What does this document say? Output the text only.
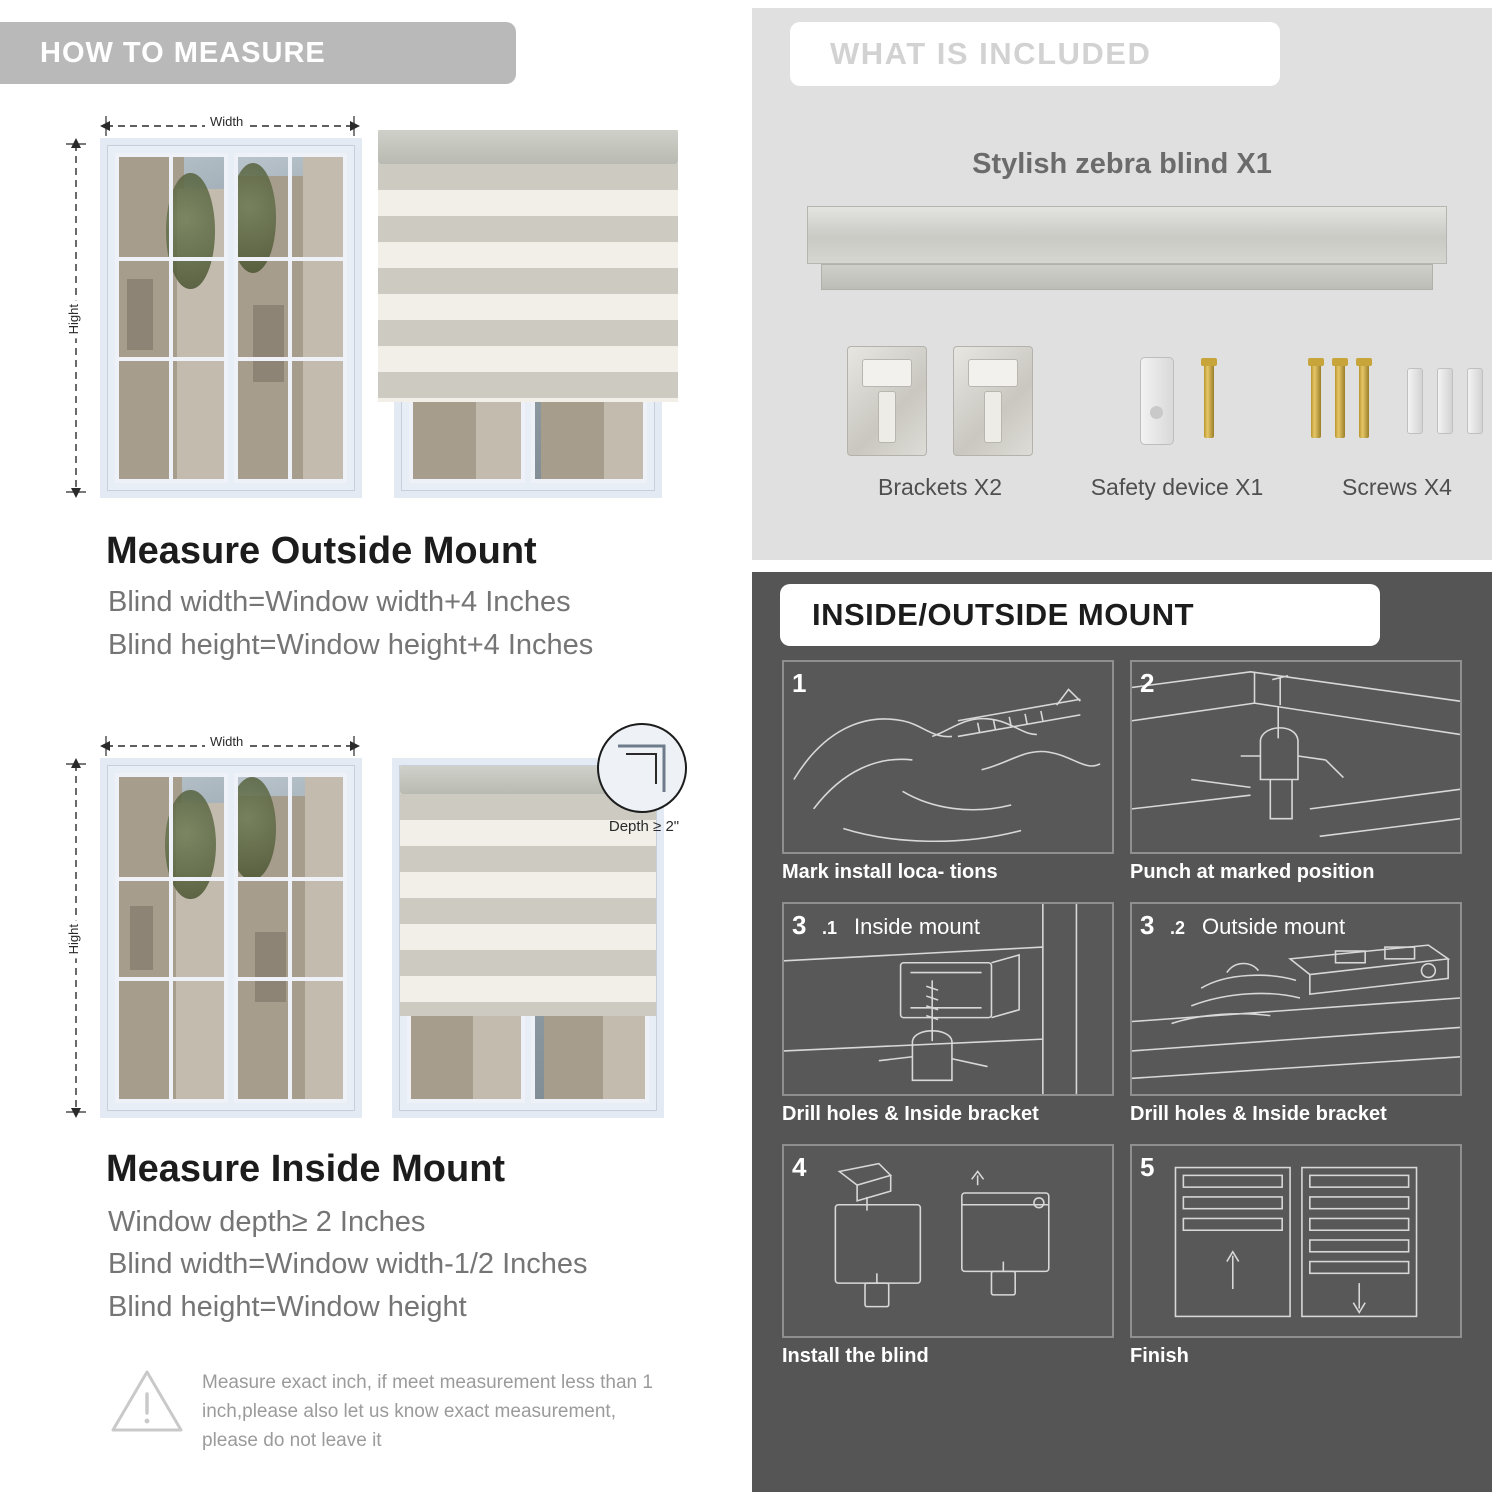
HOW TO MEASURE
Width
Hight
Measure Outside Mount
Blind width=Window width+4 Inches
Blind height=Window height+4 Inches
Width
Hight
Depth ≥ 2"
Measure Inside Mount
Window depth≥ 2 Inches
Blind width=Window width-1/2 Inches
Blind height=Window height
Measure exact inch, if meet measurement less than 1 inch,please also let us know exact measurement, please do not leave it
WHAT IS INCLUDED
Stylish zebra blind X1
Brackets X2	Safety device X1	Screws X4
INSIDE/OUTSIDE MOUNT
1
Mark install loca- tions
2
Punch at marked position
3 .1 Inside mount
Drill holes & Inside bracket
3 .2 Outside mount
Drill holes & Inside bracket
4
Install the blind
5
Finish
